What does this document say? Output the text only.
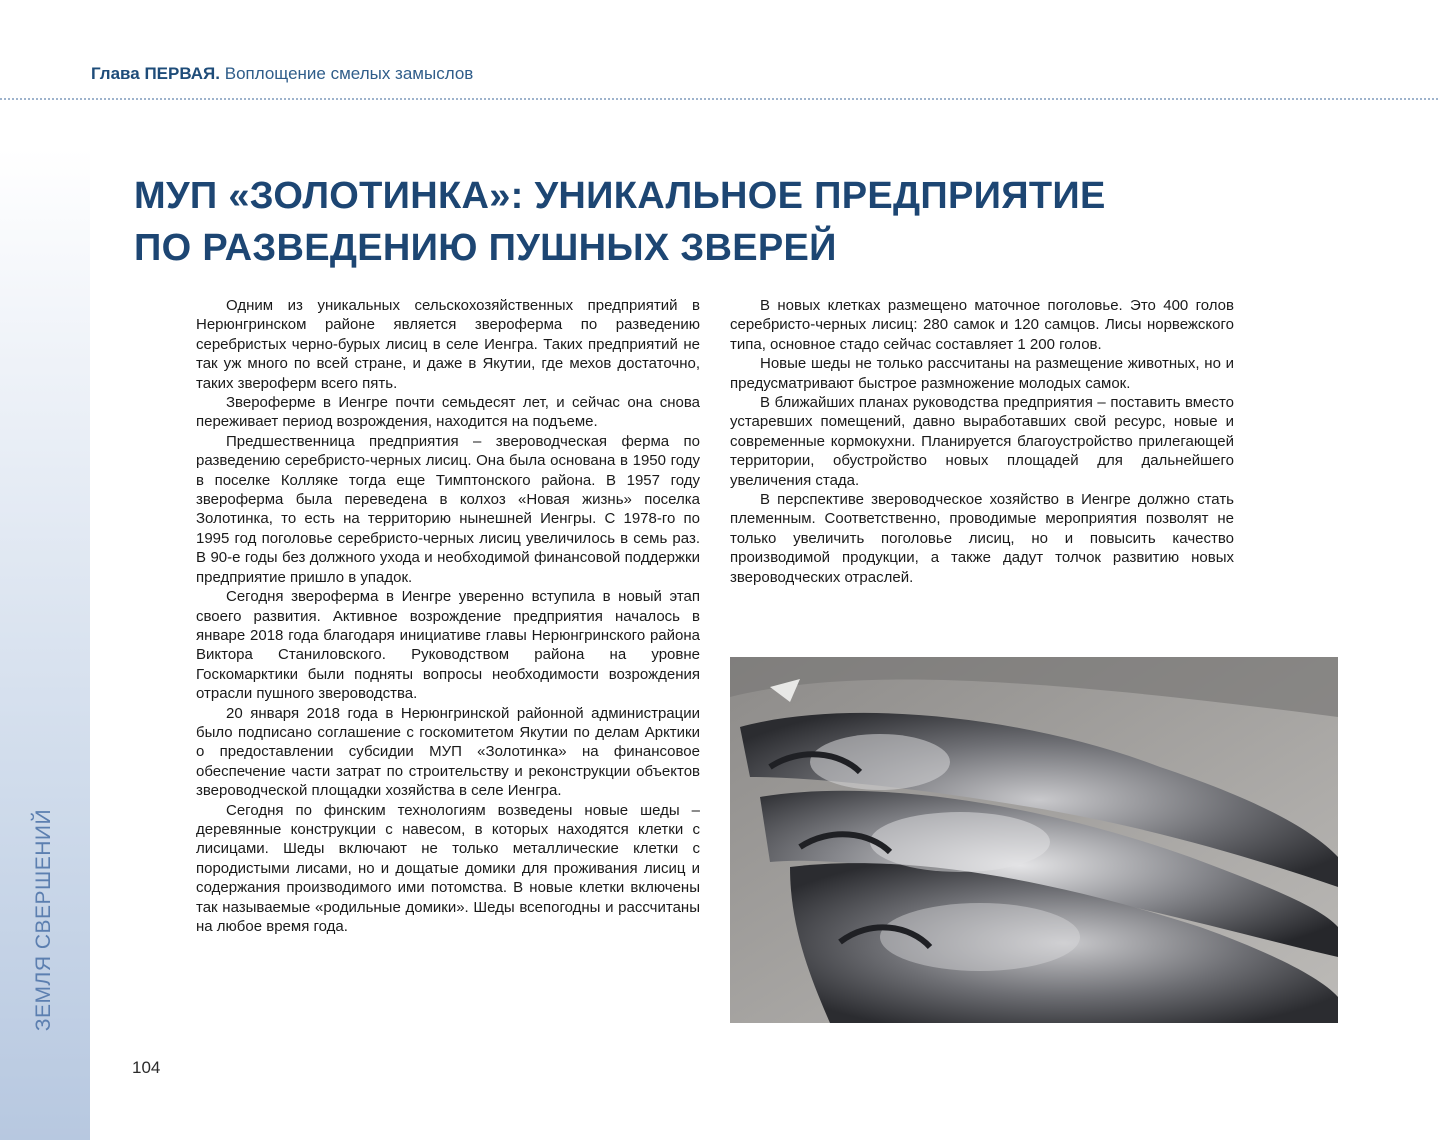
ЗЕМЛЯ СВЕРШЕНИЙ
Глава ПЕРВАЯ. Воплощение смелых замыслов
МУП «ЗОЛОТИНКА»: УНИКАЛЬНОЕ ПРЕДПРИЯТИЕ
ПО РАЗВЕДЕНИЮ ПУШНЫХ ЗВЕРЕЙ

Одним из уникальных сельскохозяйственных предприятий в Нерюнгринском районе является звероферма по разведению серебристых черно-бурых лисиц в селе Иенгра. Таких предприятий не так уж много по всей стране, и даже в Якутии, где мехов достаточно, таких звероферм всего пять.

Звероферме в Иенгре почти семьдесят лет, и сейчас она снова переживает период возрождения, находится на подъеме.

Предшественница предприятия – звероводческая ферма по разведению серебристо-черных лисиц. Она была основана в 1950 году в поселке Колляке тогда еще Тимптонского района. В 1957 году звероферма была переведена в колхоз «Новая жизнь» поселка Золотинка, то есть на территорию нынешней Иенгры. С 1978-го по 1995 год поголовье серебристо-черных лисиц увеличилось в семь раз. В 90-е годы без должного ухода и необходимой финансовой поддержки предприятие пришло в упадок.

Сегодня звероферма в Иенгре уверенно вступила в новый этап своего развития. Активное возрождение предприятия началось в январе 2018 года благодаря инициативе главы Нерюнгринского района Виктора Станиловского. Руководством района на уровне Госкомарктики были подняты вопросы необходимости возрождения отрасли пушного звероводства.

20 января 2018 года в Нерюнгринской районной администрации было подписано соглашение с госкомитетом Якутии по делам Арктики о предоставлении субсидии МУП «Золотинка» на финансовое обеспечение части затрат по строительству и реконструкции объектов звероводческой площадки хозяйства в селе Иенгра.

Сегодня по финским технологиям возведены новые шеды – деревянные конструкции с навесом, в которых находятся клетки с лисицами. Шеды включают не только металлические клетки с породистыми лисами, но и дощатые домики для проживания лисиц и содержания производимого ими потомства. В новые клетки включены так называемые «родильные домики». Шеды всепогодны и рассчитаны на любое время года.

В новых клетках размещено маточное поголовье. Это 400 голов серебристо-черных лисиц: 280 самок и 120 самцов. Лисы норвежского типа, основное стадо сейчас составляет 1 200 голов.

Новые шеды не только рассчитаны на размещение животных, но и предусматривают быстрое размножение молодых самок.

В ближайших планах руководства предприятия – поставить вместо устаревших помещений, давно выработавших свой ресурс, новые и современные кормокухни. Планируется благоустройство прилегающей территории, обустройство новых площадей для дальнейшего увеличения стада.

В перспективе звероводческое хозяйство в Иенгре должно стать племенным. Соответственно, проводимые мероприятия позволят не только увеличить поголовье лисиц, но и повысить качество производимой продукции, а также дадут толчок развитию новых звероводческих отраслей.

104
